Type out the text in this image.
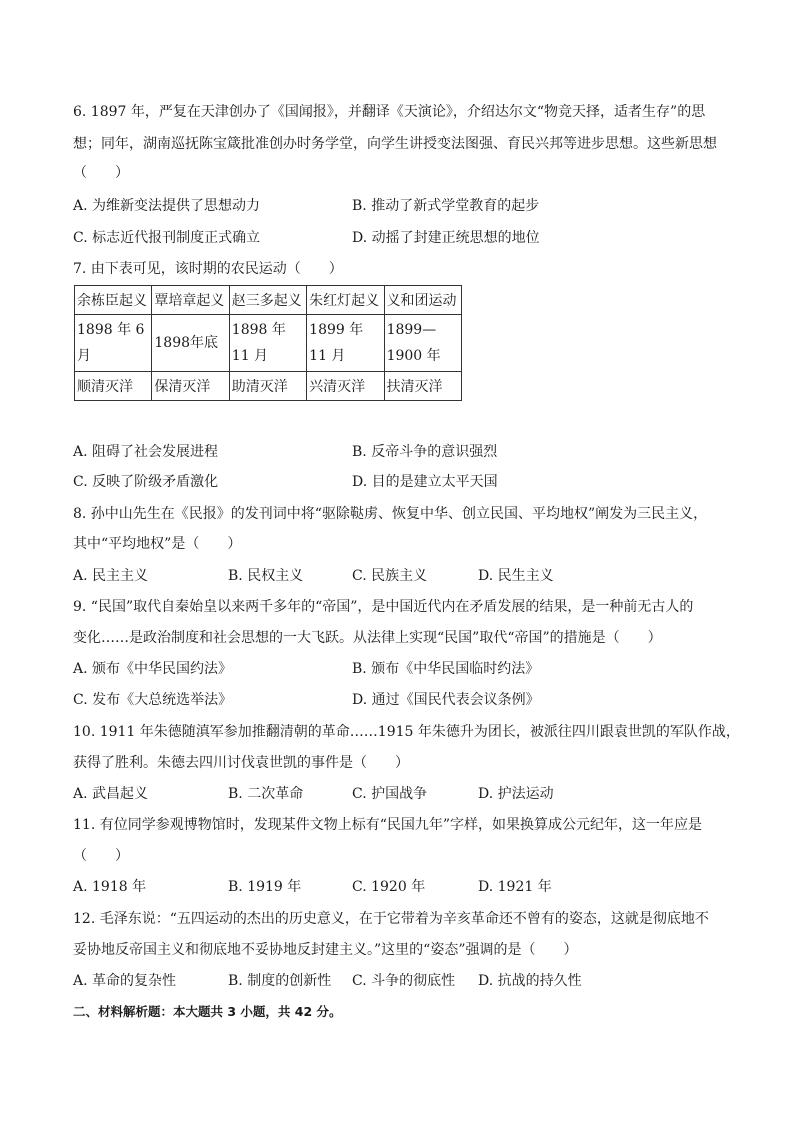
6. 1897 年，严复在天津创办了《国闻报》，并翻译《天演论》，介绍达尔文“物竞天择，适者生存”的思
想；同年，湖南巡抚陈宝箴批准创办时务学堂，向学生讲授变法图强、育民兴邦等进步思想。这些新思想
（　　）
A. 为维新变法提供了思想动力	B. 推动了新式学堂教育的起步
C. 标志近代报刊制度正式确立	D. 动摇了封建正统思想的地位
7. 由下表可见，该时期的农民运动（　　）
余栋臣起义	覃培章起义	赵三多起义	朱红灯起义	义和团运动
1898 年 6 月	1898年底	1898 年 11 月	1899 年 11 月	1899—1900 年
顺清灭洋	保清灭洋	助清灭洋	兴清灭洋	扶清灭洋
A. 阻碍了社会发展进程	B. 反帝斗争的意识强烈
C. 反映了阶级矛盾激化	D. 目的是建立太平天国
8. 孙中山先生在《民报》的发刊词中将“驱除鞑虏、恢复中华、创立民国、平均地权”阐发为三民主义，
其中“平均地权”是（　　）
A. 民主主义	B. 民权主义	C. 民族主义	D. 民生主义
9. “民国”取代自秦始皇以来两千多年的“帝国”，是中国近代内在矛盾发展的结果，是一种前无古人的
变化……是政治制度和社会思想的一大飞跃。从法律上实现“民国”取代“帝国”的措施是（　　）
A. 颁布《中华民国约法》	B. 颁布《中华民国临时约法》
C. 发布《大总统选举法》	D. 通过《国民代表会议条例》
10. 1911 年朱德随滇军参加推翻清朝的革命……1915 年朱德升为团长，被派往四川跟袁世凯的军队作战，
获得了胜利。朱德去四川讨伐袁世凯的事件是（　　）
A. 武昌起义	B. 二次革命	C. 护国战争	D. 护法运动
11. 有位同学参观博物馆时，发现某件文物上标有“民国九年”字样，如果换算成公元纪年，这一年应是
（　　）
A. 1918 年	B. 1919 年	C. 1920 年	D. 1921 年
12. 毛泽东说：“五四运动的杰出的历史意义，在于它带着为辛亥革命还不曾有的姿态，这就是彻底地不
妥协地反帝国主义和彻底地不妥协地反封建主义。”这里的“姿态”强调的是（　　）
A. 革命的复杂性	B. 制度的创新性 C. 斗争的彻底性 D. 抗战的持久性
二、材料解析题：本大题共 3 小题，共 42 分。
